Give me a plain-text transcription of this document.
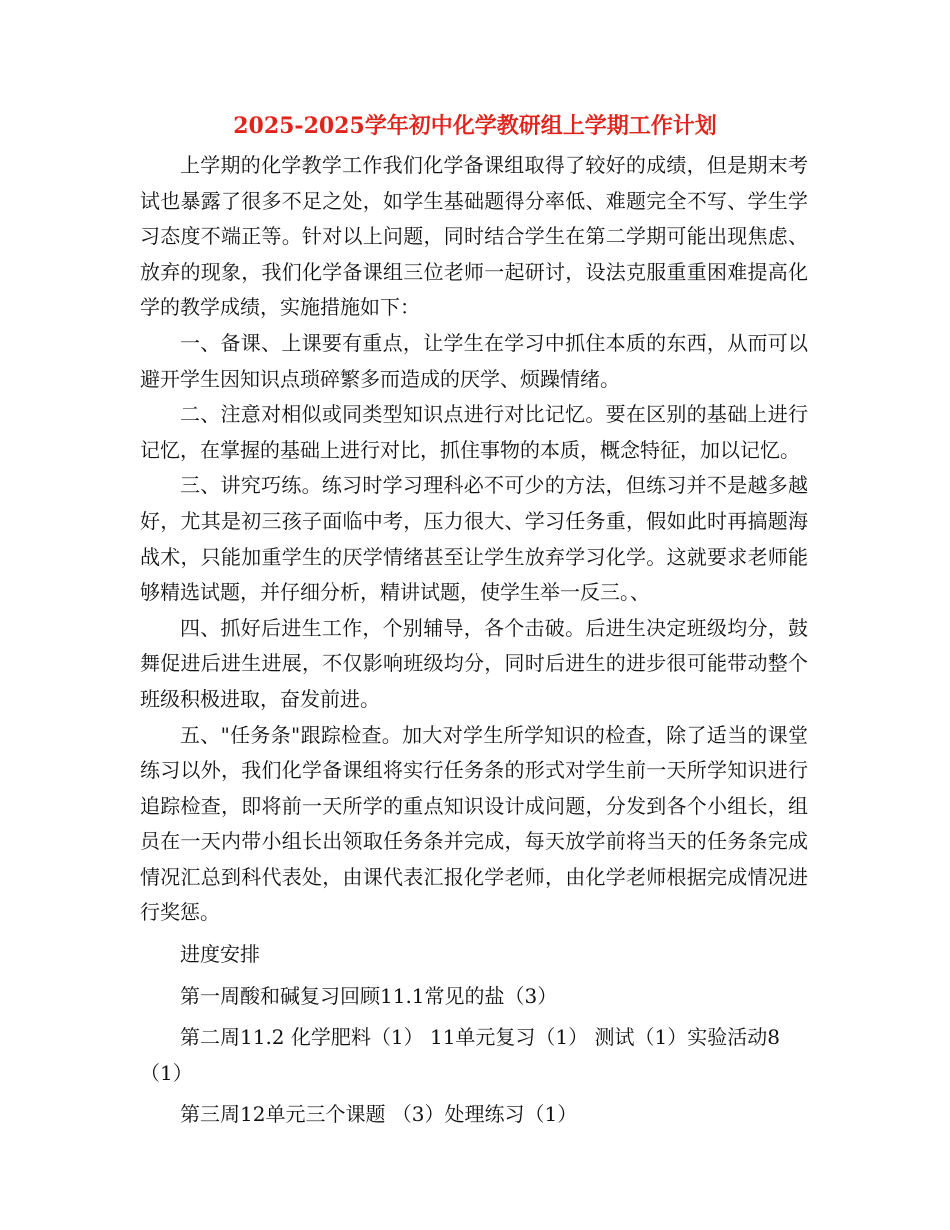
2025-2025学年初中化学教研组上学期工作计划

上学期的化学教学工作我们化学备课组取得了较好的成绩，但是期末考试也暴露了很多不足之处，如学生基础题得分率低、难题完全不写、学生学习态度不端正等。针对以上问题，同时结合学生在第二学期可能出现焦虑、放弃的现象，我们化学备课组三位老师一起研讨，设法克服重重困难提高化学的教学成绩，实施措施如下：

一、备课、上课要有重点，让学生在学习中抓住本质的东西，从而可以避开学生因知识点琐碎繁多而造成的厌学、烦躁情绪。

二、注意对相似或同类型知识点进行对比记忆。要在区别的基础上进行记忆，在掌握的基础上进行对比，抓住事物的本质，概念特征，加以记忆。

三、讲究巧练。练习时学习理科必不可少的方法，但练习并不是越多越好，尤其是初三孩子面临中考，压力很大、学习任务重，假如此时再搞题海战术，只能加重学生的厌学情绪甚至让学生放弃学习化学。这就要求老师能够精选试题，并仔细分析，精讲试题，使学生举一反三。、

四、抓好后进生工作，个别辅导，各个击破。后进生决定班级均分，鼓舞促进后进生进展，不仅影响班级均分，同时后进生的进步很可能带动整个班级积极进取，奋发前进。

五、"任务条"跟踪检查。加大对学生所学知识的检查，除了适当的课堂练习以外，我们化学备课组将实行任务条的形式对学生前一天所学知识进行追踪检查，即将前一天所学的重点知识设计成问题，分发到各个小组长，组员在一天内带小组长出领取任务条并完成，每天放学前将当天的任务条完成情况汇总到科代表处，由课代表汇报化学老师，由化学老师根据完成情况进行奖惩。

进度安排

第一周酸和碱复习回顾11.1常见的盐（3）

第二周11.2 化学肥料（1） 11单元复习（1） 测试（1）实验活动8 （1）

第三周12单元三个课题 （3）处理练习（1）
